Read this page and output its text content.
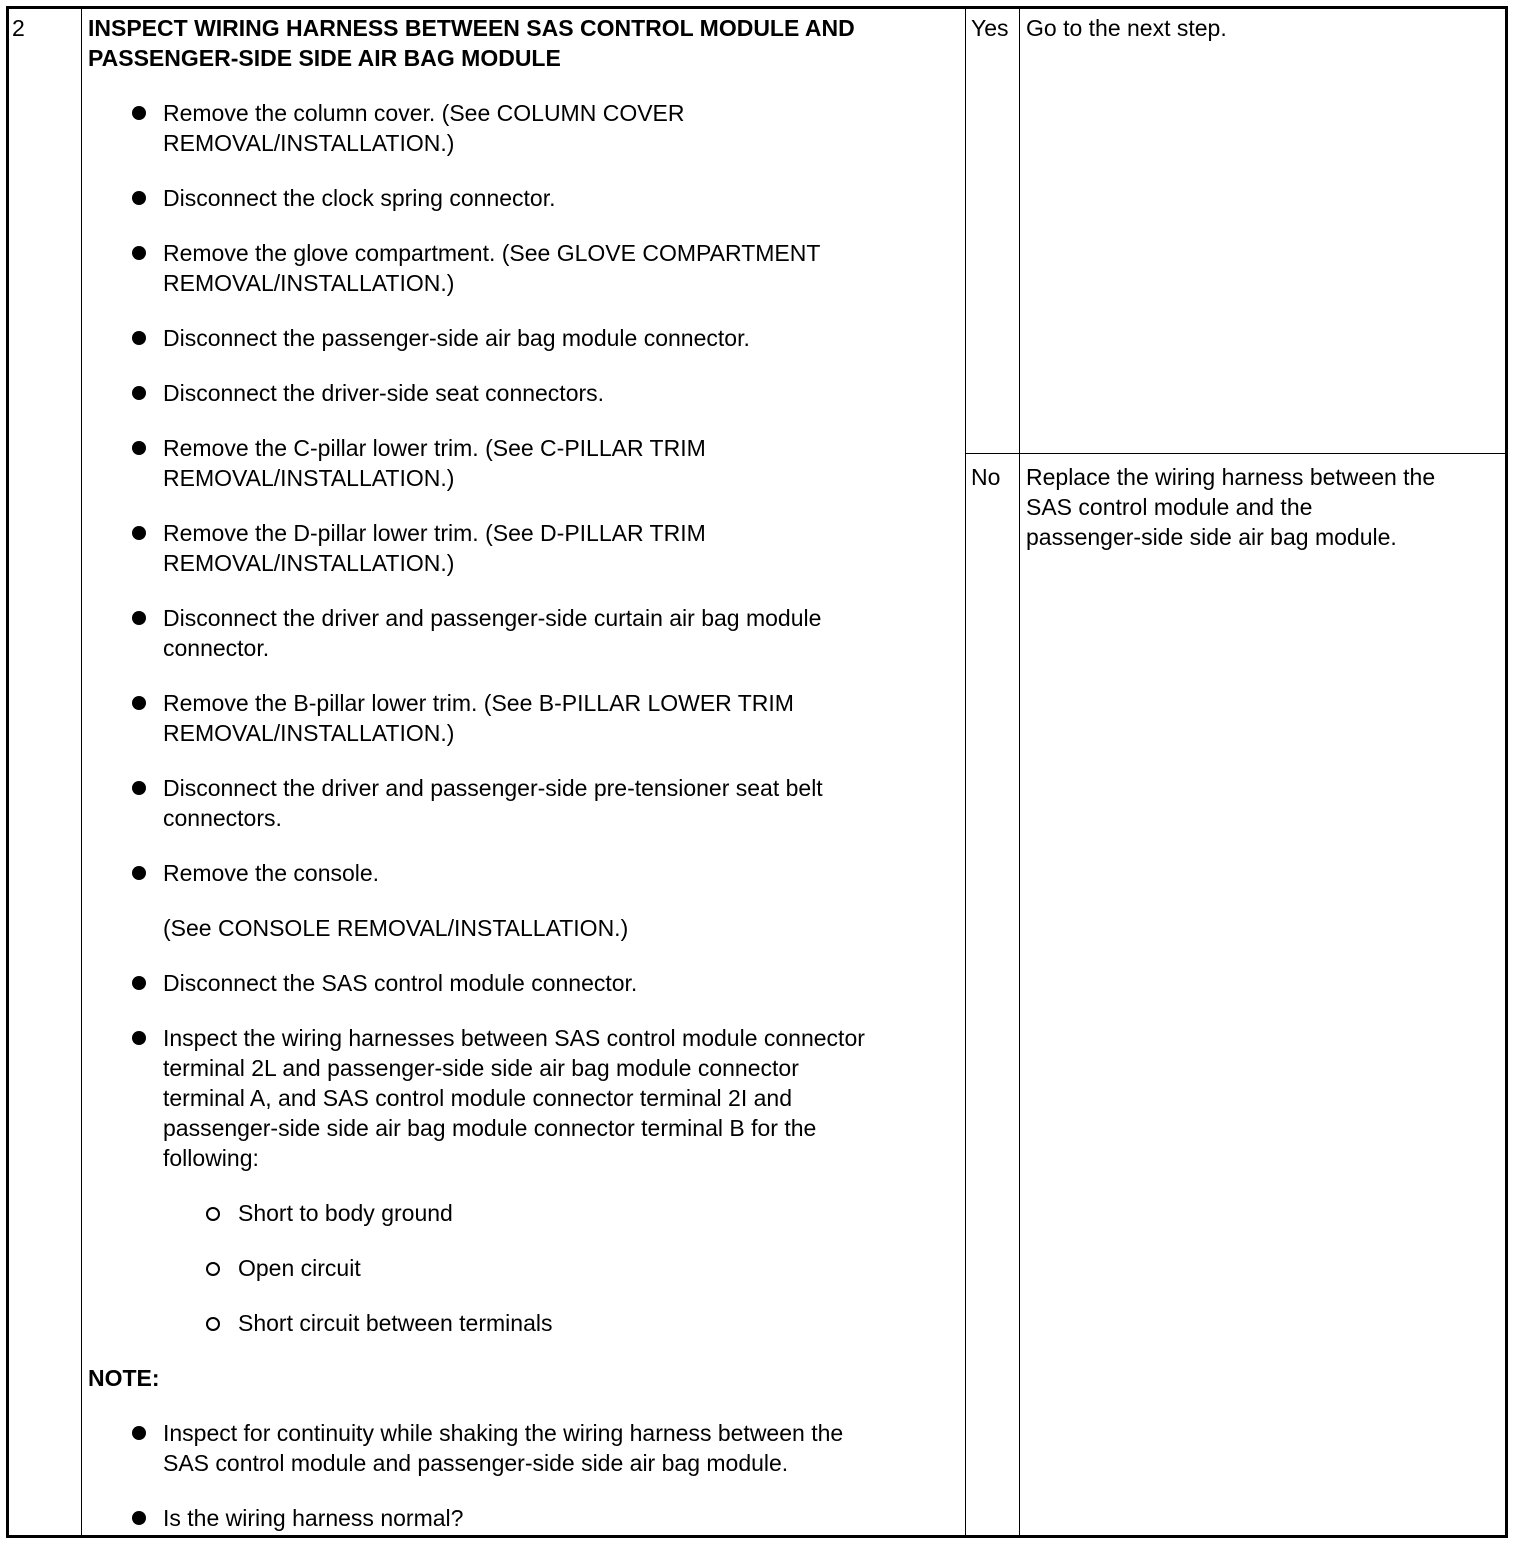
2	INSPECT WIRING HARNESS BETWEEN SAS CONTROL MODULE AND
PASSENGER-SIDE SIDE AIR BAG MODULE
Remove the column cover. (See COLUMN COVER
REMOVAL/INSTALLATION.)
Disconnect the clock spring connector.
Remove the glove compartment. (See GLOVE COMPARTMENT
REMOVAL/INSTALLATION.)
Disconnect the passenger-side air bag module connector.
Disconnect the driver-side seat connectors.
Remove the C-pillar lower trim. (See C-PILLAR TRIM
REMOVAL/INSTALLATION.)
Remove the D-pillar lower trim. (See D-PILLAR TRIM
REMOVAL/INSTALLATION.)
Disconnect the driver and passenger-side curtain air bag module
connector.
Remove the B-pillar lower trim. (See B-PILLAR LOWER TRIM
REMOVAL/INSTALLATION.)
Disconnect the driver and passenger-side pre-tensioner seat belt
connectors.
Remove the console.
(See CONSOLE REMOVAL/INSTALLATION.)
Disconnect the SAS control module connector.
Inspect the wiring harnesses between SAS control module connector
terminal 2L and passenger-side side air bag module connector
terminal A, and SAS control module connector terminal 2I and
passenger-side side air bag module connector terminal B for the
following:
Short to body ground
Open circuit
Short circuit between terminals
NOTE:
Inspect for continuity while shaking the wiring harness between the
SAS control module and passenger-side side air bag module.
Is the wiring harness normal?
Yes Go to the next step.
No Replace the wiring harness between the
SAS control module and the
passenger-side side air bag module.
